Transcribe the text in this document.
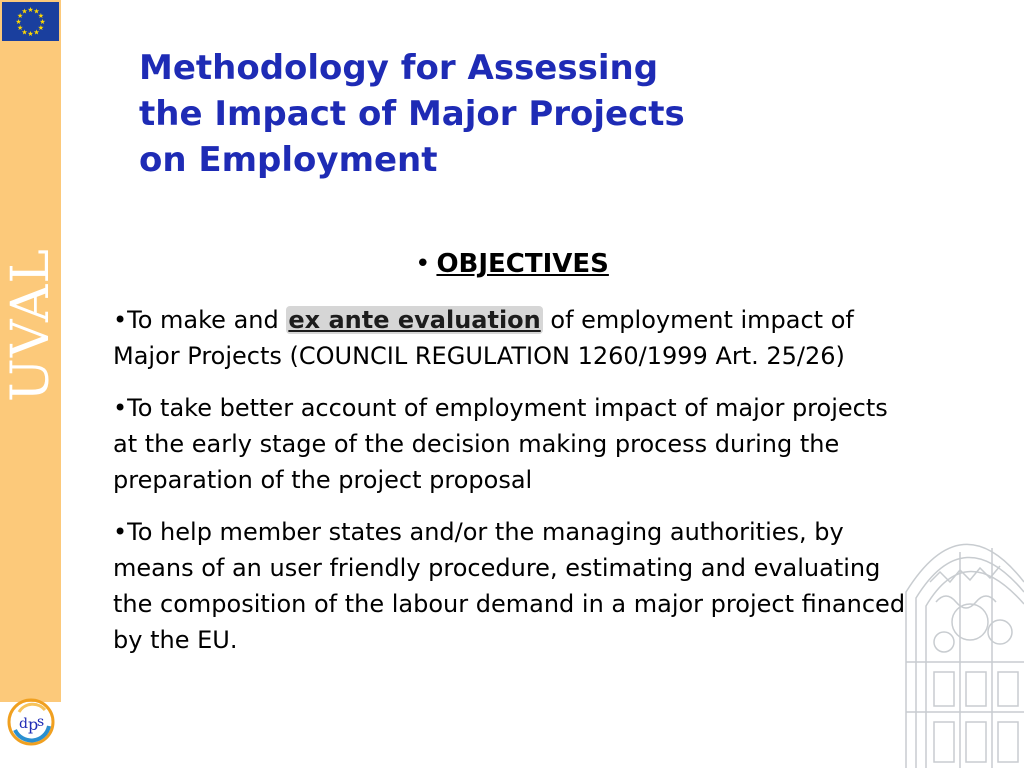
UVAL
★
★
★
★
★
★
★
★
★ ★ ★
★
d p
s
Methodology for Assessing
the Impact of Major Projects
on Employment
• OBJECTIVES

•To make and ex ante evaluation of employment impact of Major Projects (COUNCIL REGULATION 1260/1999 Art. 25/26)

•To take better account of employment impact of major projects at the early stage of the decision making process during the preparation of the project proposal

•To help member states and/or the managing authorities, by means of an user friendly procedure, estimating and evaluating the composition of the labour demand in a major project financed by the EU.
